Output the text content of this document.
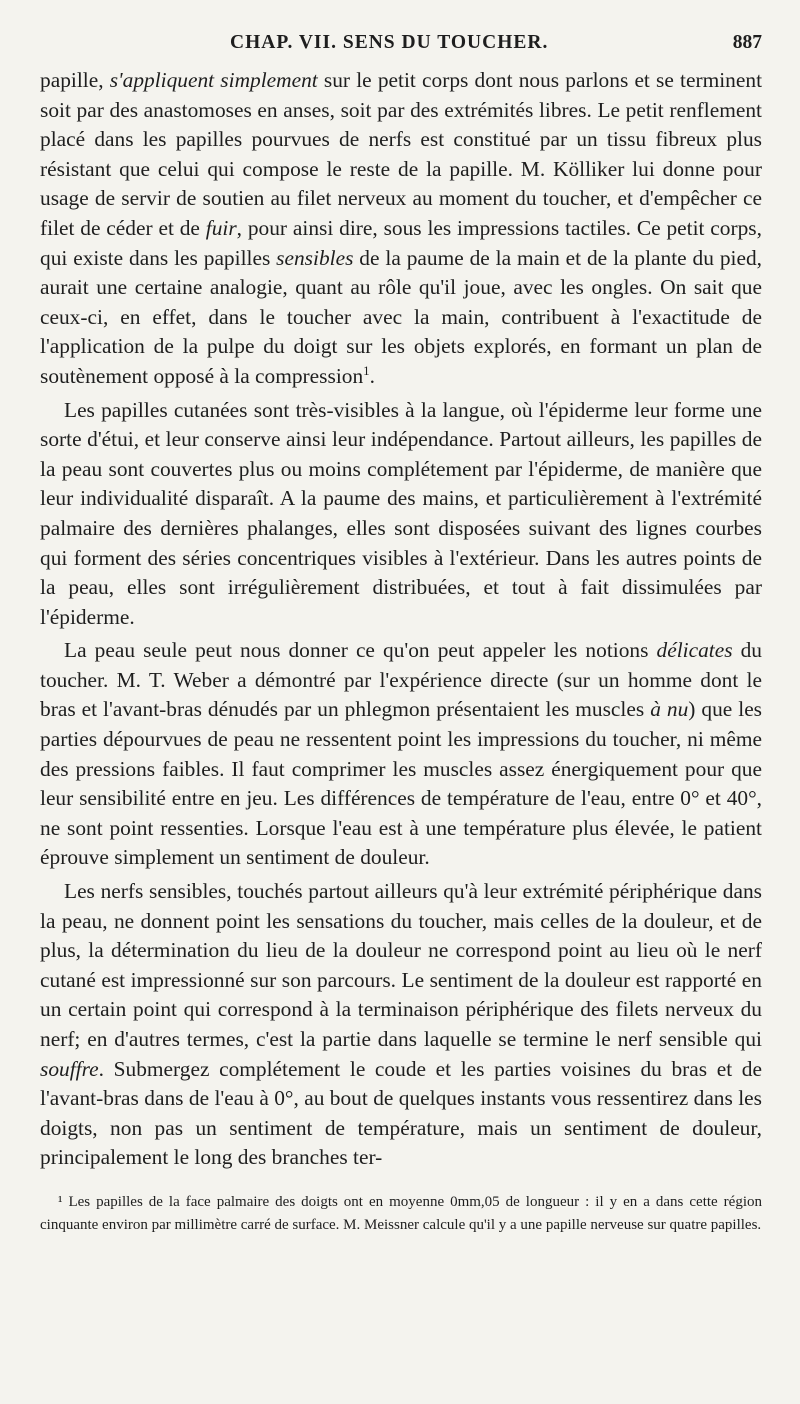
CHAP. VII. SENS DU TOUCHER.	887

papille, s'appliquent simplement sur le petit corps dont nous parlons et se terminent soit par des anastomoses en anses, soit par des extrémités libres. Le petit renflement placé dans les papilles pourvues de nerfs est constitué par un tissu fibreux plus résistant que celui qui compose le reste de la papille. M. Kölliker lui donne pour usage de servir de soutien au filet nerveux au moment du toucher, et d'empêcher ce filet de céder et de fuir, pour ainsi dire, sous les impressions tactiles. Ce petit corps, qui existe dans les papilles sensibles de la paume de la main et de la plante du pied, aurait une certaine analogie, quant au rôle qu'il joue, avec les ongles. On sait que ceux-ci, en effet, dans le toucher avec la main, contribuent à l'exactitude de l'application de la pulpe du doigt sur les objets explorés, en formant un plan de soutènement opposé à la compression$^1$.

Les papilles cutanées sont très-visibles à la langue, où l'épiderme leur forme une sorte d'étui, et leur conserve ainsi leur indépendance. Partout ailleurs, les papilles de la peau sont couvertes plus ou moins complétement par l'épiderme, de manière que leur individualité disparaît. A la paume des mains, et particulièrement à l'extrémité palmaire des dernières phalanges, elles sont disposées suivant des lignes courbes qui forment des séries concentriques visibles à l'extérieur. Dans les autres points de la peau, elles sont irrégulièrement distribuées, et tout à fait dissimulées par l'épiderme.

La peau seule peut nous donner ce qu'on peut appeler les notions délicates du toucher. M. T. Weber a démontré par l'expérience directe (sur un homme dont le bras et l'avant-bras dénudés par un phlegmon présentaient les muscles à nu) que les parties dépourvues de peau ne ressentent point les impressions du toucher, ni même des pressions faibles. Il faut comprimer les muscles assez énergiquement pour que leur sensibilité entre en jeu. Les différences de température de l'eau, entre 0° et 40°, ne sont point ressenties. Lorsque l'eau est à une température plus élevée, le patient éprouve simplement un sentiment de douleur.

Les nerfs sensibles, touchés partout ailleurs qu'à leur extrémité périphérique dans la peau, ne donnent point les sensations du toucher, mais celles de la douleur, et de plus, la détermination du lieu de la douleur ne correspond point au lieu où le nerf cutané est impressionné sur son parcours. Le sentiment de la douleur est rapporté en un certain point qui correspond à la terminaison périphérique des filets nerveux du nerf; en d'autres termes, c'est la partie dans laquelle se termine le nerf sensible qui souffre. Submergez complétement le coude et les parties voisines du bras et de l'avant-bras dans de l'eau à 0°, au bout de quelques instants vous ressentirez dans les doigts, non pas un sentiment de température, mais un sentiment de douleur, principalement le long des branches ter-

¹ Les papilles de la face palmaire des doigts ont en moyenne 0mm,05 de longueur : il y en a dans cette région cinquante environ par millimètre carré de surface. M. Meissner calcule qu'il y a une papille nerveuse sur quatre papilles.
